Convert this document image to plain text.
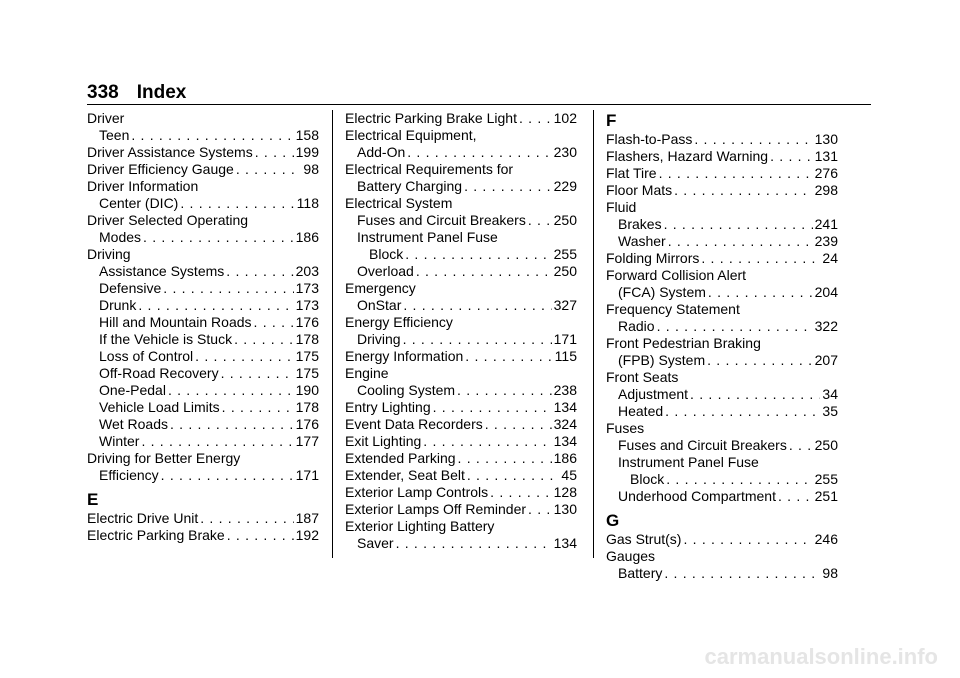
338 Index
Driver
Teen . . .	158
Driver Assistance Systems . . .	199
Driver Efficiency Gauge . . .	98
Driver Information
Center (DIC) . . .	118
Driver Selected Operating
Modes . . .	186
Driving
Assistance Systems . . .	203
Defensive . . .	173
Drunk . . .	173
Hill and Mountain Roads . . .	176
If the Vehicle is Stuck . . .	178
Loss of Control . . .	175
Off-Road Recovery . . .	175
One-Pedal . . .	190
Vehicle Load Limits . . .	178
Wet Roads . . .	176
Winter . . .	177
Driving for Better Energy
Efficiency . . .	171
E
Electric Drive Unit . . .	187
Electric Parking Brake . . .	192
Electric Parking Brake Light . . .	102
Electrical Equipment,
Add-On . . .	230
Electrical Requirements for
Battery Charging . . .	229
Electrical System
Fuses and Circuit Breakers . . . 250
Instrument Panel Fuse
Block . . .	255
Overload . . .	250
Emergency
OnStar . . .	327
Energy Efficiency
Driving . . .	171
Energy Information . . .	115
Engine
Cooling System . . .	238
Entry Lighting . . .	134
Event Data Recorders . . .	324
Exit Lighting . . .	134
Extended Parking . . .	186
Extender, Seat Belt . . .	45
Exterior Lamp Controls . . .	128
Exterior Lamps Off Reminder . . . 130
Exterior Lighting Battery
Saver . . .	134
F
Flash-to-Pass . . .	130
Flashers, Hazard Warning . . .	131
Flat Tire . . .	276
Floor Mats . . .	298
Fluid
Brakes . . .	241
Washer . . .	239
Folding Mirrors . . .	24
Forward Collision Alert
(FCA) System . . .	204
Frequency Statement
Radio . . .	322
Front Pedestrian Braking
(FPB) System . . .	207
Front Seats
Adjustment . . .	34
Heated . . .	35
Fuses
Fuses and Circuit Breakers . . . 250
Instrument Panel Fuse
Block . . .	255
Underhood Compartment . . .	251
G
Gas Strut(s) . . .	246
Gauges
Battery . . .	98
carmanualsonline.info
